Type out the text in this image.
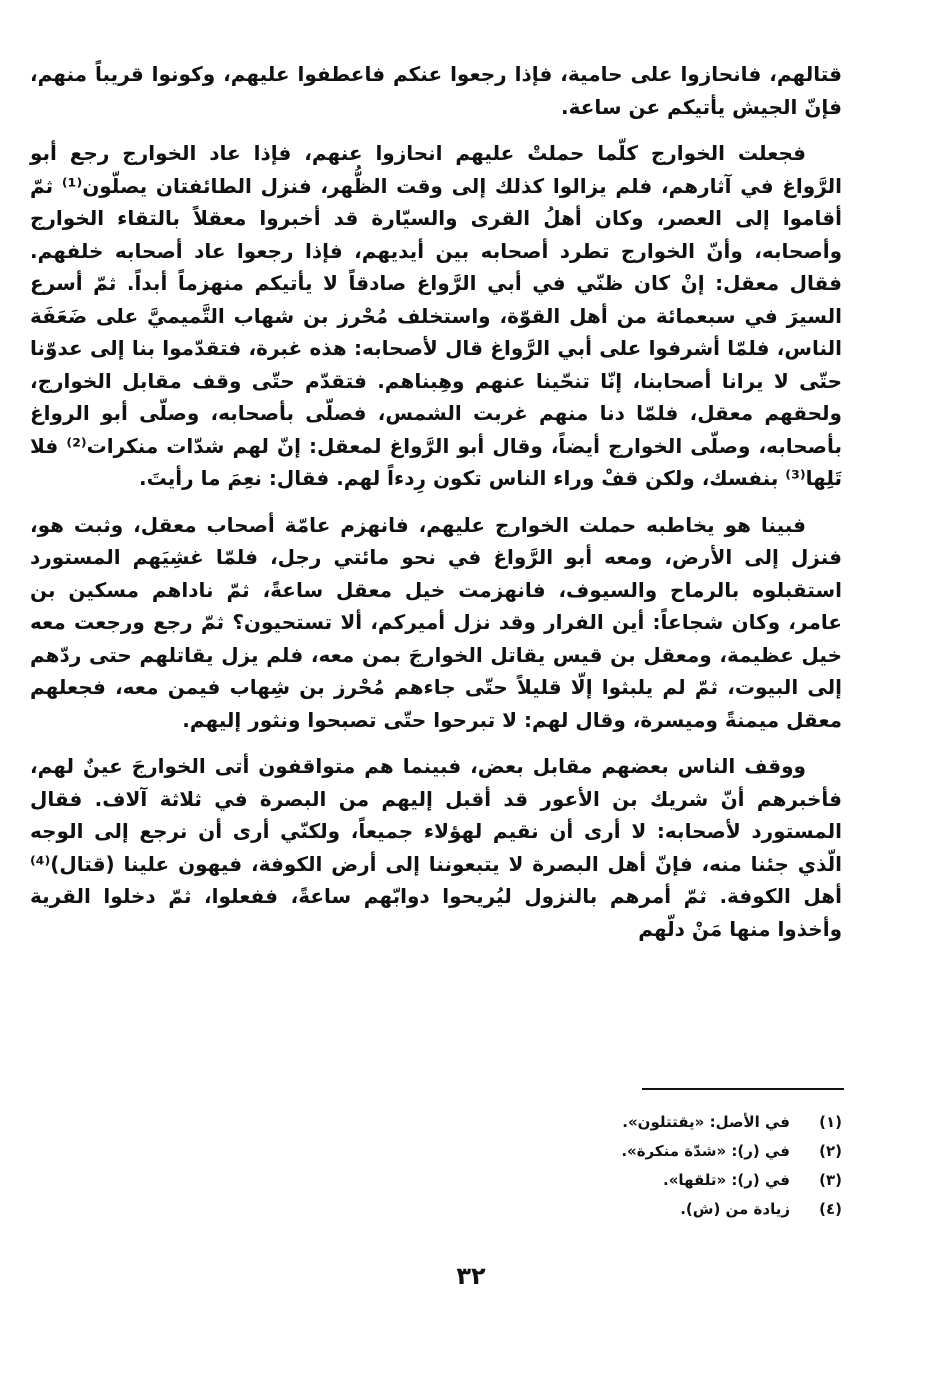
قتالهم، فانحازوا على حامية، فإذا رجعوا عنكم فاعطفوا عليهم، وكونوا قريباً منهم، فإنّ الجيش يأتيكم عن ساعة.

فجعلت الخوارج كلّما حملتْ عليهم انحازوا عنهم، فإذا عاد الخوارج رجع أبو الرَّواغ في آثارهم، فلم يزالوا كذلك إلى وقت الظُّهر، فنزل الطائفتان يصلّون⁽¹⁾ ثمّ أقاموا إلى العصر، وكان أهلُ القرى والسيّارة قد أخبروا معقلاً بالتقاء الخوارج وأصحابه، وأنّ الخوارج تطرد أصحابه بين أيديهم، فإذا رجعوا عاد أصحابه خلفهم. فقال معقل: إنْ كان ظنّي في أبي الرَّواغ صادقاً لا يأتيكم منهزماً أبداً. ثمّ أسرع السيرَ في سبعمائة من أهل القوّة، واستخلف مُحْرز بن شهاب التَّميميَّ على ضَعَفَة الناس، فلمّا أشرفوا على أبي الرَّواغ قال لأصحابه: هذه غبرة، فتقدّموا بنا إلى عدوّنا حتّى لا يرانا أصحابنا، إنّا تنحّينا عنهم وهِبناهم. فتقدّم حتّى وقف مقابل الخوارج، ولحقهم معقل، فلمّا دنا منهم غربت الشمس، فصلّى بأصحابه، وصلّى أبو الرواغ بأصحابه، وصلّى الخوارج أيضاً، وقال أبو الرَّواغ لمعقل: إنّ لهم شدّات منكرات⁽²⁾ فلا تَلِها⁽³⁾ بنفسك، ولكن قفْ وراء الناس تكون رِدءاً لهم. فقال: نعِمَ ما رأيتَ.

فبينا هو يخاطبه حملت الخوارج عليهم، فانهزم عامّة أصحاب معقل، وثبت هو، فنزل إلى الأرض، ومعه أبو الرَّواغ في نحو مائتي رجل، فلمّا غشِيَهم المستورد استقبلوه بالرماح والسيوف، فانهزمت خيل معقل ساعةً، ثمّ ناداهم مسكين بن عامر، وكان شجاعاً: أين الفرار وقد نزل أميركم، ألا تستحيون؟ ثمّ رجع ورجعت معه خيل عظيمة، ومعقل بن قيس يقاتل الخوارجَ بمن معه، فلم يزل يقاتلهم حتى ردّهم إلى البيوت، ثمّ لم يلبثوا إلّا قليلاً حتّى جاءهم مُحْرز بن شِهاب فيمن معه، فجعلهم معقل ميمنةً وميسرة، وقال لهم: لا تبرحوا حتّى تصبحوا ونثور إليهم.

ووقف الناس بعضهم مقابل بعض، فبينما هم متواقفون أتى الخوارجَ عينٌ لهم، فأخبرهم أنّ شريك بن الأعور قد أقبل إليهم من البصرة في ثلاثة آلاف. فقال المستورد لأصحابه: لا أرى أن نقيم لهؤلاء جميعاً، ولكنّي أرى أن نرجع إلى الوجه الّذي جئنا منه، فإنّ أهل البصرة لا يتبعوننا إلى أرض الكوفة، فيهون علينا (قتال)⁽⁴⁾ أهل الكوفة. ثمّ أمرهم بالنزول ليُريحوا دوابّهم ساعةً، ففعلوا، ثمّ دخلوا القرية وأخذوا منها مَنْ دلّهم

(١)
في الأصل: «يقتتلون».
(٢)
في (ر): «شدّة منكرة».
(٣)
في (ر): «تلقها».
(٤)
زيادة من (ش).
٣٢
